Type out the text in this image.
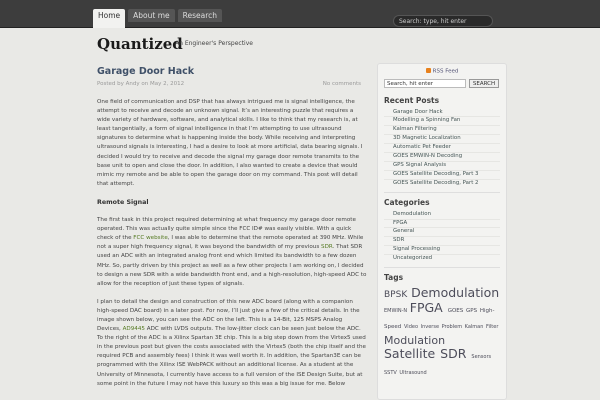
Home	About me	Research
Search: type, hit enter
Quantized
An Engineer's Perspective
Garage Door Hack
Posted by Andy on May 2, 2012	No comments

One field of communication and DSP that has always intrigued me is signal intelligence, the attempt to receive and decode an unknown signal. It’s an interesting puzzle that requires a wide variety of hardware, software, and analytical skills. I like to think that my research is, at least tangentially, a form of signal intelligence in that I’m attempting to use ultrasound signatures to determine what is happening inside the body. While receiving and interpreting ultrasound signals is interesting, I had a desire to look at more artificial, data bearing signals. I decided I would try to receive and decode the signal my garage door remote transmits to the base unit to open and close the door. In addition, I also wanted to create a device that would mimic my remote and be able to open the garage door on my command. This post will detail that attempt.

Remote Signal

The first task in this project required determining at what frequency my garage door remote operated. This was actually quite simple since the FCC ID# was easily visible. With a quick check of the FCC website, I was able to determine that the remote operated at 390 MHz. While not a super high frequency signal, it was beyond the bandwidth of my previous SDR. That SDR used an ADC with an integrated analog front end which limited its bandwidth to a few dozen MHz. So, partly driven by this project as well as a few other projects I am working on, I decided to design a new SDR with a wide bandwidth front end, and a high-resolution, high-speed ADC to allow for the reception of just these types of signals.

I plan to detail the design and construction of this new ADC board (along with a companion high-speed DAC board) in a later post. For now, I’ll just give a few of the critical details. In the image shown below, you can see the ADC on the left. This is a 14-Bit, 125 MSPS Analog Devices, AD9445 ADC with LVDS outputs. The low-jitter clock can be seen just below the ADC. To the right of the ADC is a Xilinx Spartan 3E chip. This is a big step down from the Virtex5 used in the previous post but given the costs associated with the Virtex5 (both the chip itself and the required PCB and assembly fees) I think it was well worth it. In addition, the Spartan3E can be programmed with the Xilinx ISE WebPACK without an additional license. As a student at the University of Minnesota, I currently have access to a full version of the ISE Design Suite, but at some point in the future I may not have this luxury so this was a big issue for me. Below

RSS Feed
Search, hit enter	SEARCH
Recent Posts
Garage Door Hack
Modelling a Spinning Fan
Kalman Filtering
3D Magnetic Localization
Automatic Pet Feeder
GOES EMWIN-N Decoding
GPS Signal Analysis
GOES Satellite Decoding, Part 3
GOES Satellite Decoding, Part 2
Categories
Demodulation
FPGA
General
SDR
Signal Processing
Uncategorized
Tags
BPSK Demodulation EMWIN-N FPGA GOES GPS High-Speed Video Inverse Problem Kalman Filter Modulation Satellite SDR Sensors SSTV Ultrasound
